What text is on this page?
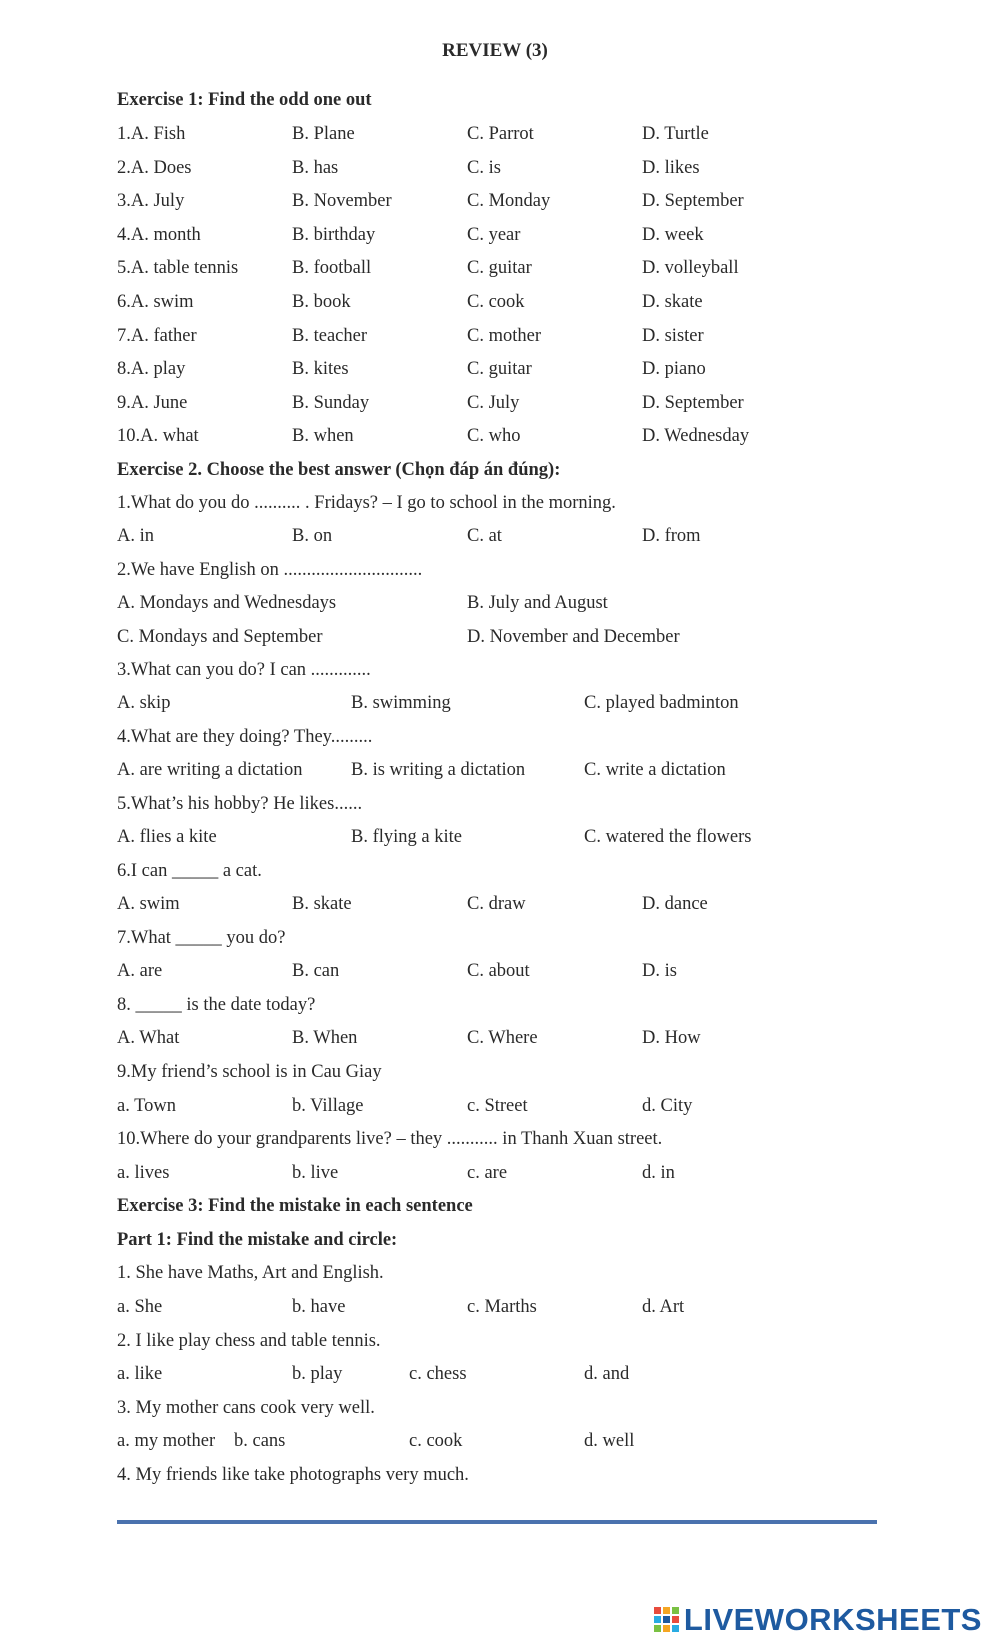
REVIEW (3)
Exercise 1: Find the odd one out
1.A. Fish	B. Plane	C. Parrot	D. Turtle
2.A. Does	B. has	C. is	D. likes
3.A. July	B. November	C. Monday	D. September
4.A. month	B. birthday	C. year	D. week
5.A. table tennis	B. football	C. guitar	D. volleyball
6.A. swim	B. book	C. cook	D. skate
7.A. father	B. teacher	C. mother	D. sister
8.A. play	B. kites	C. guitar	D. piano
9.A. June	B. Sunday	C. July	D. September
10.A. what	B. when	C. who	D. Wednesday
Exercise 2. Choose the best answer (Chọn đáp án đúng):
1.What do you do .......... . Fridays? – I go to school in the morning.
A. in	B. on	C. at	D. from
2.We have English on ..............................
A. Mondays and Wednesdays	B. July and August
C. Mondays and September	D. November and December
3.What can you do? I can .............
A. skip	B. swimming	C. played badminton
4.What are they doing? They.........
A. are writing a dictation	B. is writing a dictation	C. write a dictation
5.What’s his hobby? He likes......
A. flies a kite	B. flying a kite	C. watered the flowers
6.I can _____ a cat.
A. swim	B. skate	C. draw	D. dance
7.What _____ you do?
A. are	B. can	C. about	D. is
8. _____ is the date today?
A. What	B. When	C. Where	D. How
9.My friend’s school is in Cau Giay
a. Town	b. Village	c. Street	d. City
10.Where do your grandparents live? – they ........... in Thanh Xuan street.
a. lives	b. live	c. are	d. in
Exercise 3: Find the mistake in each sentence
Part 1: Find the mistake and circle:
1. She have Maths, Art and English.
a. She	b. have	c. Marths	d. Art
2. I like play chess and table tennis.
a. like	b. play	c. chess	d. and
3. My mother cans cook very well.
a. my mother b. cans	c. cook	d. well
4. My friends like take photographs very much.
LIVEWORKSHEETS
